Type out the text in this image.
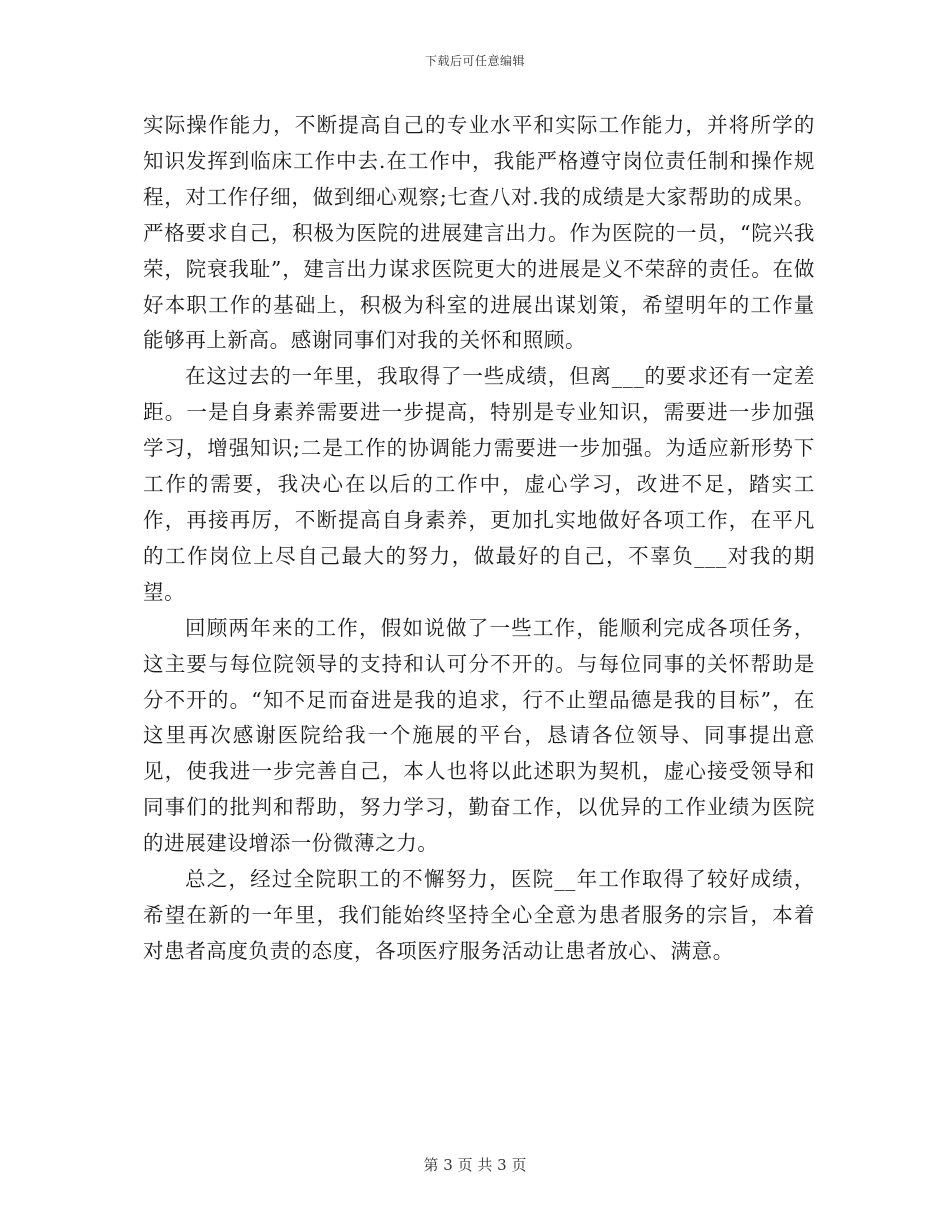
下载后可任意编辑

实际操作能力，不断提高自己的专业水平和实际工作能力，并将所学的知识发挥到临床工作中去.在工作中，我能严格遵守岗位责任制和操作规程，对工作仔细，做到细心观察;七查八对.我的成绩是大家帮助的成果。严格要求自己，积极为医院的进展建言出力。作为医院的一员，“院兴我荣，院衰我耻”，建言出力谋求医院更大的进展是义不荣辞的责任。在做好本职工作的基础上，积极为科室的进展出谋划策，希望明年的工作量能够再上新高。感谢同事们对我的关怀和照顾。

在这过去的一年里，我取得了一些成绩，但离___的要求还有一定差距。一是自身素养需要进一步提高，特别是专业知识，需要进一步加强学习，增强知识;二是工作的协调能力需要进一步加强。为适应新形势下工作的需要，我决心在以后的工作中，虚心学习，改进不足，踏实工作，再接再厉，不断提高自身素养，更加扎实地做好各项工作，在平凡的工作岗位上尽自己最大的努力，做最好的自己，不辜负___对我的期望。

回顾两年来的工作，假如说做了一些工作，能顺利完成各项任务，这主要与每位院领导的支持和认可分不开的。与每位同事的关怀帮助是分不开的。“知不足而奋进是我的追求，行不止塑品德是我的目标”，在这里再次感谢医院给我一个施展的平台，恳请各位领导、同事提出意见，使我进一步完善自己，本人也将以此述职为契机，虚心接受领导和同事们的批判和帮助，努力学习，勤奋工作，以优异的工作业绩为医院的进展建设增添一份微薄之力。

总之，经过全院职工的不懈努力，医院__年工作取得了较好成绩，希望在新的一年里，我们能始终坚持全心全意为患者服务的宗旨，本着对患者高度负责的态度，各项医疗服务活动让患者放心、满意。

第 3 页 共 3 页
